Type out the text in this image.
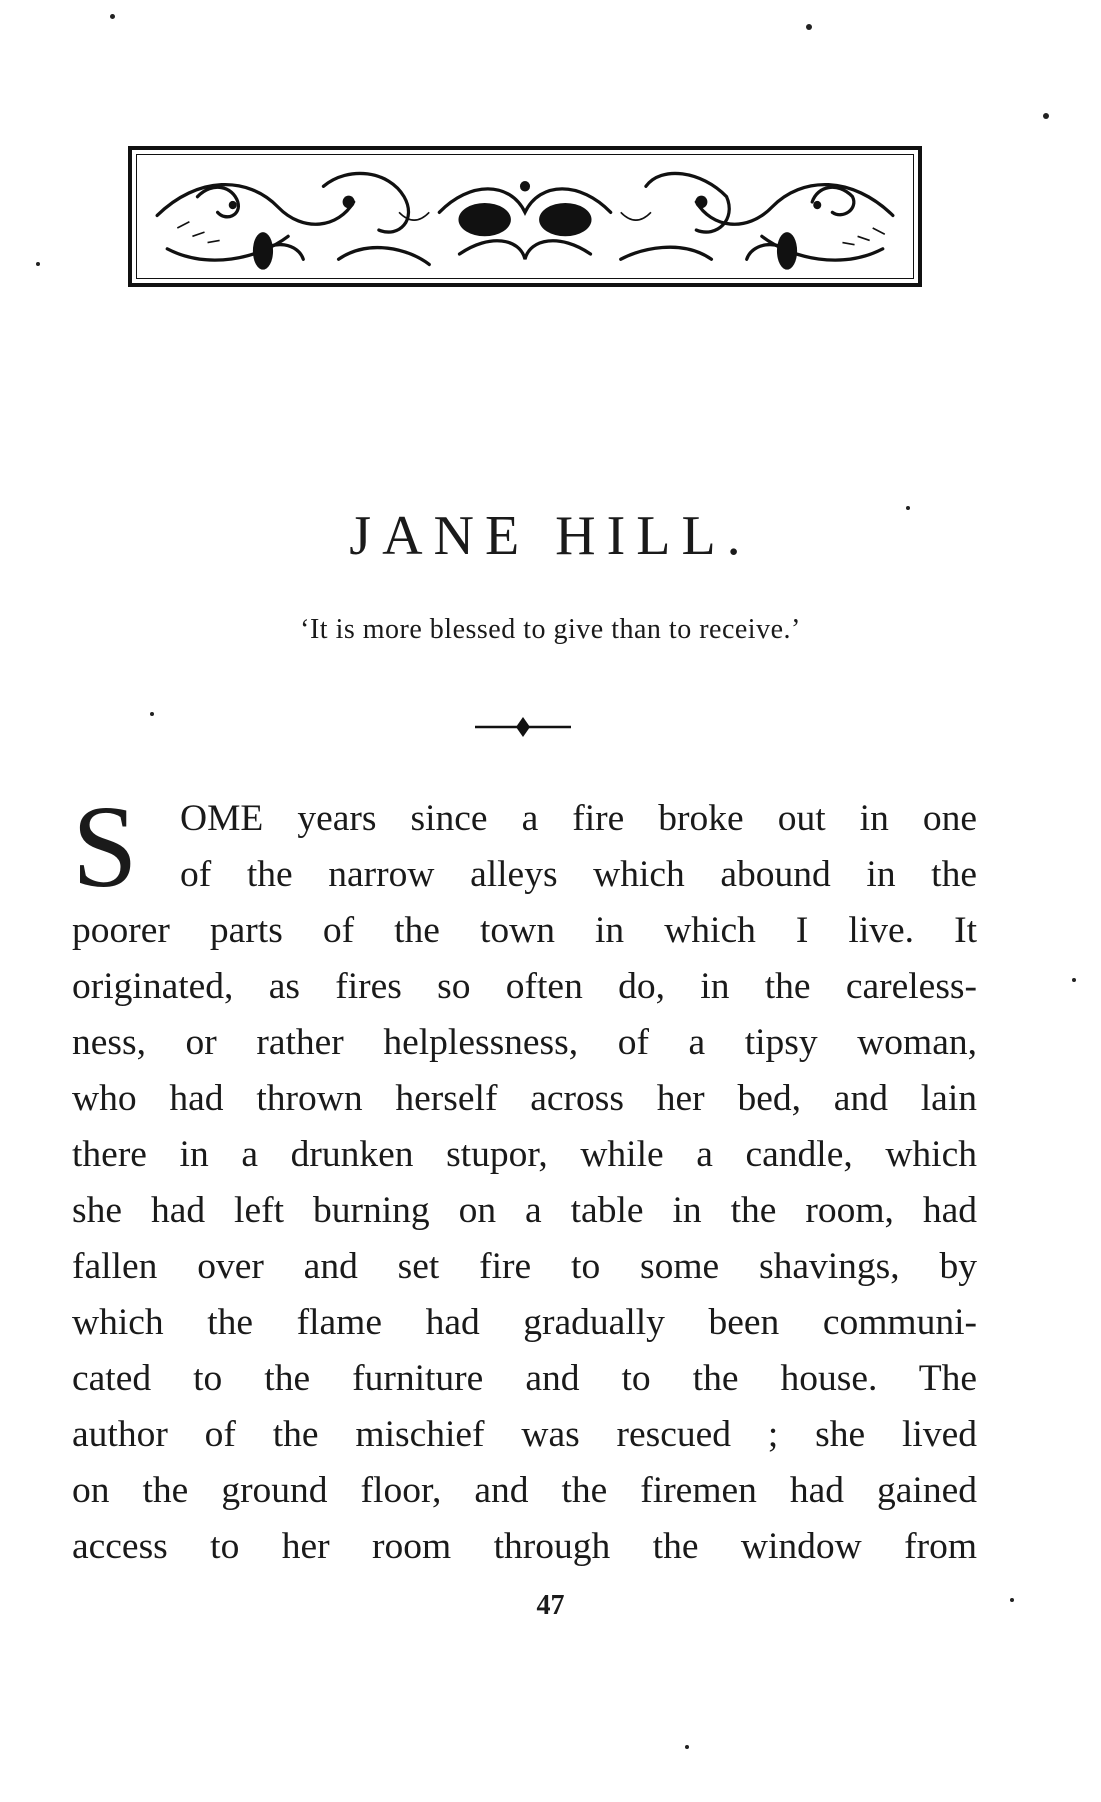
JANE HILL.

‘It is more blessed to give than to receive.’

S	OME years since a fire broke out in one
of the narrow alleys which abound in the
poorer parts of the town in which I live. It
originated, as fires so often do, in the careless-
ness, or rather helplessness, of a tipsy woman,
who had thrown herself across her bed, and lain
there in a drunken stupor, while a candle, which
she had left burning on a table in the room, had
fallen over and set fire to some shavings, by
which the flame had gradually been communi-
cated to the furniture and to the house. The
author of the mischief was rescued ; she lived
on the ground floor, and the firemen had gained
access to her room through the window from
47
